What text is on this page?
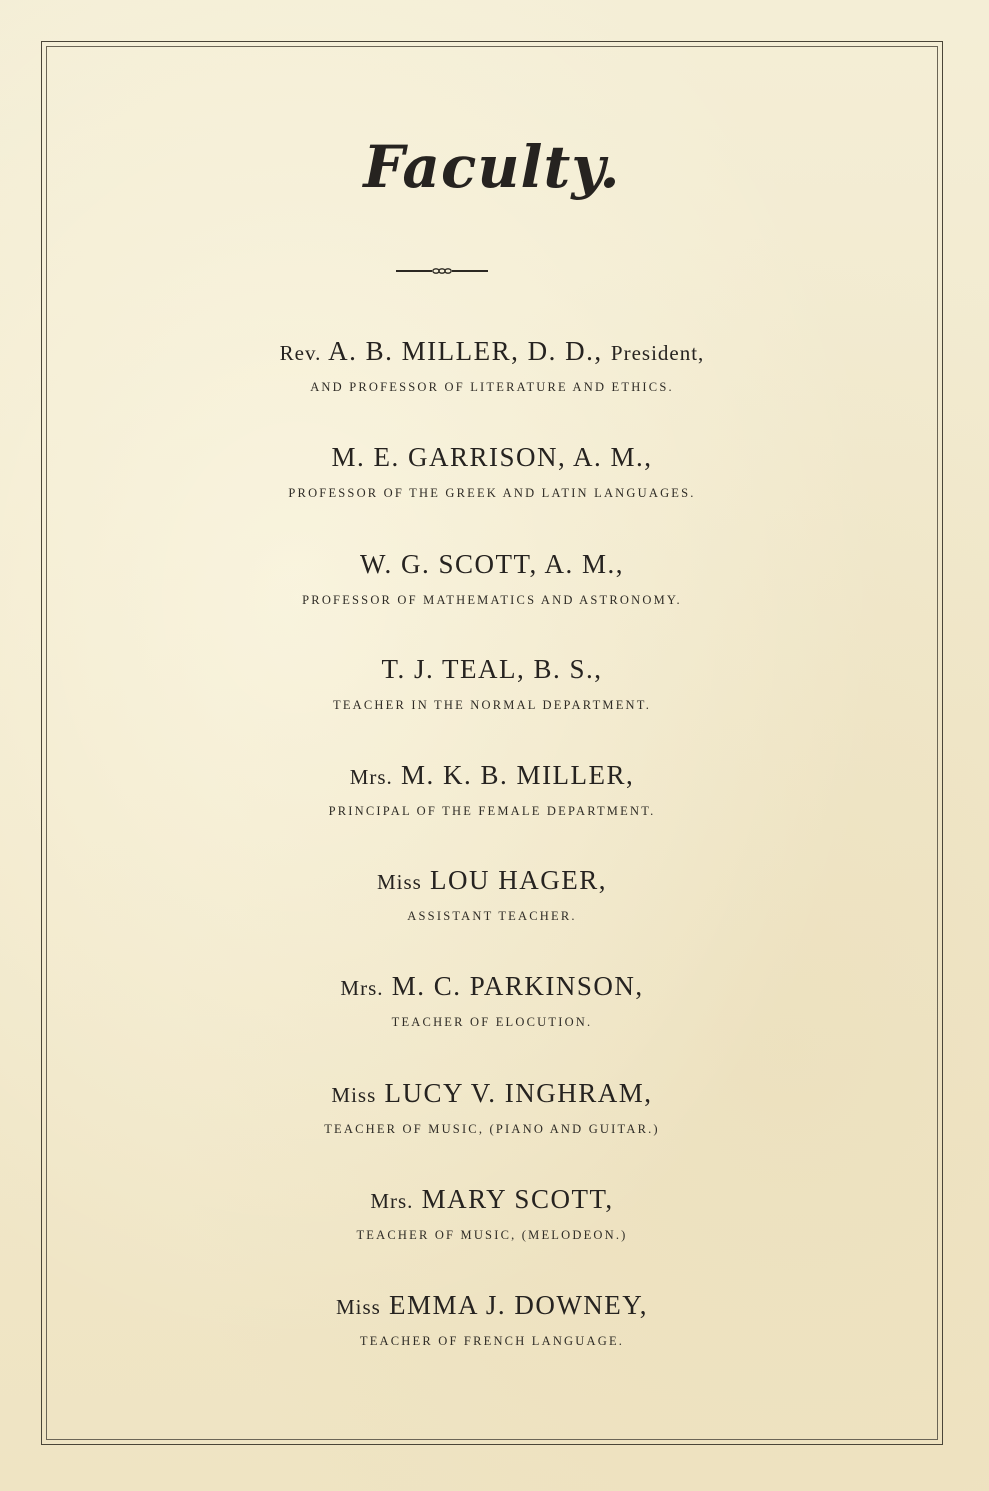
Faculty.
Rev. A. B. MILLER, D. D., President,
AND PROFESSOR OF LITERATURE AND ETHICS.
M. E. GARRISON, A. M.,
PROFESSOR OF THE GREEK AND LATIN LANGUAGES.
W. G. SCOTT, A. M.,
PROFESSOR OF MATHEMATICS AND ASTRONOMY.
T. J. TEAL, B. S.,
TEACHER IN THE NORMAL DEPARTMENT.
Mrs. M. K. B. MILLER,
PRINCIPAL OF THE FEMALE DEPARTMENT.
Miss LOU HAGER,
ASSISTANT TEACHER.
Mrs. M. C. PARKINSON,
TEACHER OF ELOCUTION.
Miss LUCY V. INGHRAM,
TEACHER OF MUSIC, (PIANO AND GUITAR.)
Mrs. MARY SCOTT,
TEACHER OF MUSIC, (MELODEON.)
Miss EMMA J. DOWNEY,
TEACHER OF FRENCH LANGUAGE.
